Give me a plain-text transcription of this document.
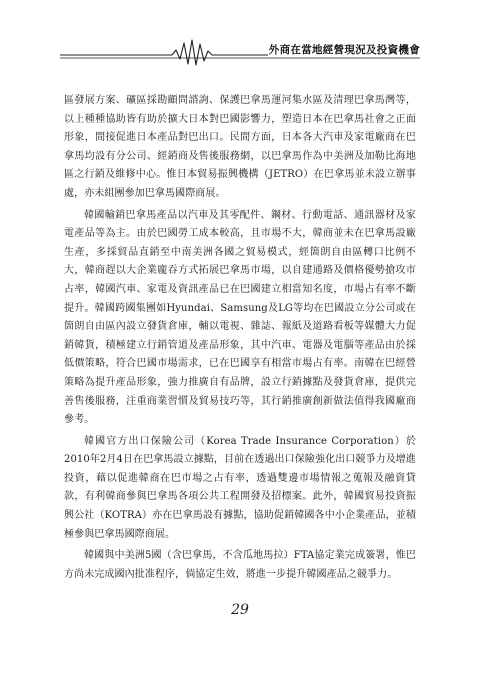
外商在當地經營現況及投資機會

區發展方案、礦區採勘顧問諮詢、保護巴拿馬運河集水區及清理巴拿馬灣等，以上種種協助皆有助於擴大日本對巴國影響力，塑造日本在巴拿馬社會之正面形象，間接促進日本產品對巴出口。民間方面，日本各大汽車及家電廠商在巴拿馬均設有分公司、經銷商及售後服務網，以巴拿馬作為中美洲及加勒比海地區之行銷及維修中心。惟日本貿易振興機構（JETRO）在巴拿馬並未設立辦事處，亦未組團參加巴拿馬國際商展。

韓國輸銷巴拿馬產品以汽車及其零配件、鋼材、行動電話、通訊器材及家電產品等為主。由於巴國勞工成本較高，且市場不大，韓商並未在巴拿馬設廠生產，多採貿品直銷至中南美洲各國之貿易模式，經箇朗自由區轉口比例不大，韓商趕以大企業龐吞方式拓展巴拿馬市場，以自建通路及價格優勢搶攻市占率，韓國汽車、家電及資訊產品已在巴國建立相當知名度，市場占有率不斷提升。韓國跨國集團如Hyundai、Samsung及LG等均在巴國設立分公司或在箇朗自由區內設立發貨倉庫，輔以電視、雜誌、報紙及道路看板等媒體大力促銷韓貨，積極建立行銷管道及產品形象，其中汽車、電器及電腦等產品由於採低價策略，符合巴國市場需求，已在巴國享有相當市場占有率。南韓在巴經營策略為提升產品形象，強力推廣自有品牌，設立行銷據點及發貨倉庫，提供完善售後服務，注重商業習慣及貿易技巧等，其行銷推廣創新做法值得我國廠商參考。

韓國官方出口保險公司（Korea Trade Insurance Corporation）於2010年2月4日在巴拿馬設立據點，目前在透過出口保險強化出口競爭力及增進投資，藉以促進韓商在巴市場之占有率，透過雙邊市場情報之蒐報及融資貸款，有利韓商參與巴拿馬各項公共工程開發及招標案。此外，韓國貿易投資振興公社（KOTRA）亦在巴拿馬設有據點，協助促銷韓國各中小企業產品，並積極參與巴拿馬國際商展。

韓國與中美洲5國（含巴拿馬，不含瓜地馬拉）FTA協定業完成簽署，惟巴方尚未完成國內批准程序，倘協定生效，將進一步提升韓國產品之競爭力。

29
